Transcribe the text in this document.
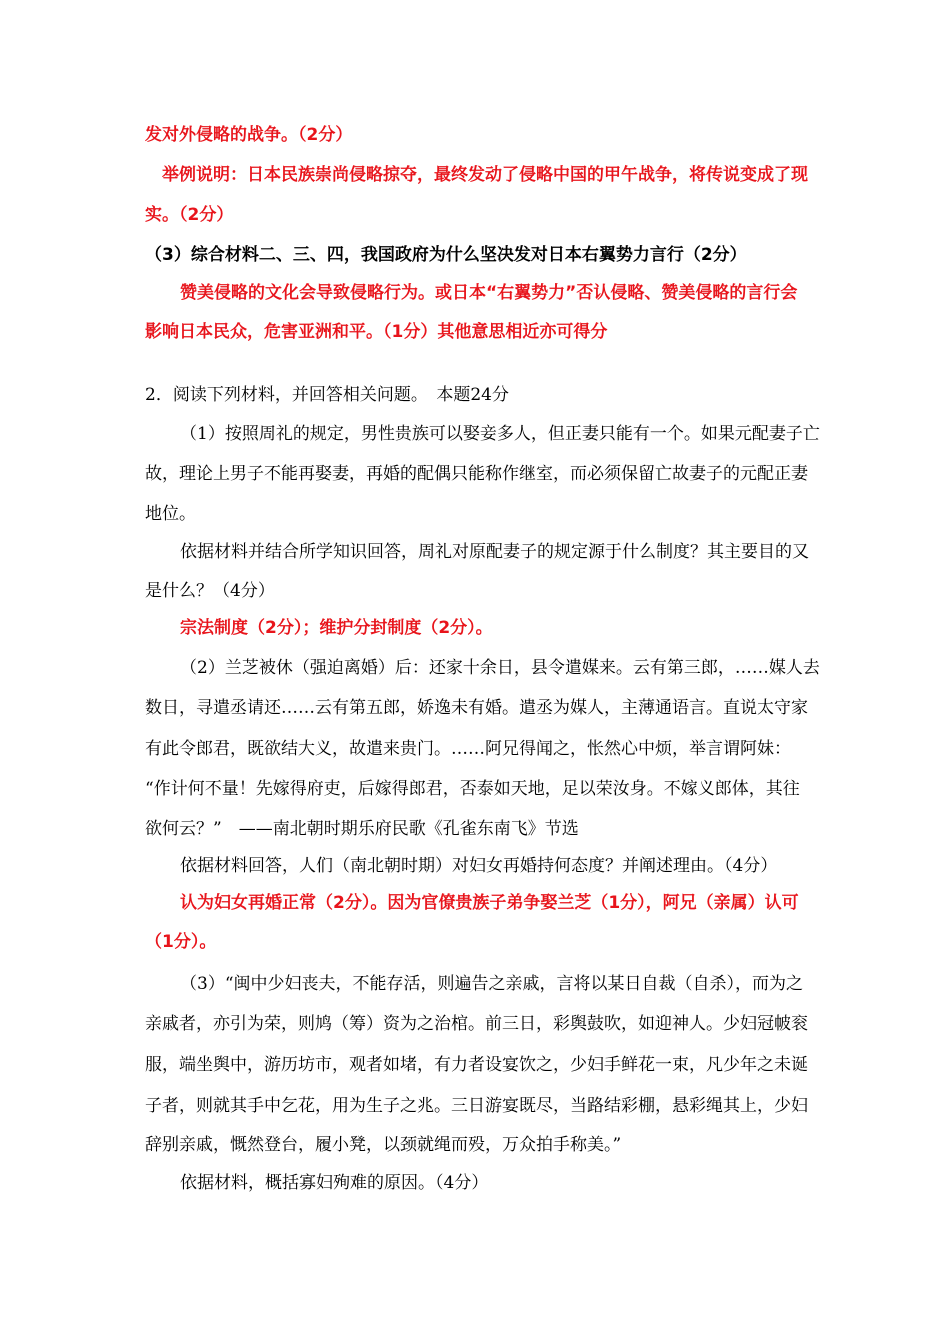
发对外侵略的战争。（2分）
举例说明：日本民族崇尚侵略掠夺，最终发动了侵略中国的甲午战争，将传说变成了现
实。（2分）
（3）综合材料二、三、四，我国政府为什么坚决发对日本右翼势力言行（2分）
赞美侵略的文化会导致侵略行为。或日本“右翼势力”否认侵略、赞美侵略的言行会
影响日本民众，危害亚洲和平。（1分）其他意思相近亦可得分
2．阅读下列材料，并回答相关问题。　本题24分
（1）按照周礼的规定，男性贵族可以娶妾多人，但正妻只能有一个。如果元配妻子亡
故，理论上男子不能再娶妻，再婚的配偶只能称作继室，而必须保留亡故妻子的元配正妻
地位。
依据材料并结合所学知识回答，周礼对原配妻子的规定源于什么制度？其主要目的又
是什么？（4分）
宗法制度（2分）；维护分封制度（2分）。
（2）兰芝被休（强迫离婚）后：还家十余日，县令遣媒来。云有第三郎，……媒人去
数日，寻遣丞请还……云有第五郎，娇逸未有婚。遣丞为媒人，主薄通语言。直说太守家
有此令郎君，既欲结大义，故遣来贵门。……阿兄得闻之，怅然心中烦，举言谓阿妹：
“作计何不量！先嫁得府吏，后嫁得郎君，否泰如天地，足以荣汝身。不嫁义郎体，其往
欲何云？”　——南北朝时期乐府民歌《孔雀东南飞》节选
依据材料回答，人们（南北朝时期）对妇女再婚持何态度？并阐述理由。（4分）
认为妇女再婚正常（2分）。因为官僚贵族子弟争娶兰芝（1分），阿兄（亲属）认可
（1分）。
（3）“闽中少妇丧夫，不能存活，则遍告之亲戚，言将以某日自裁（自杀），而为之
亲戚者，亦引为荣，则鸠（筹）资为之治棺。前三日，彩舆鼓吹，如迎神人。少妇冠帔衮
服，端坐舆中，游历坊市，观者如堵，有力者设宴饮之，少妇手鲜花一束，凡少年之未诞
子者，则就其手中乞花，用为生子之兆。三日游宴既尽，当路结彩棚，悬彩绳其上，少妇
辞别亲戚，慨然登台，履小凳，以颈就绳而殁，万众拍手称美。”
依据材料，概括寡妇殉难的原因。（4分）
